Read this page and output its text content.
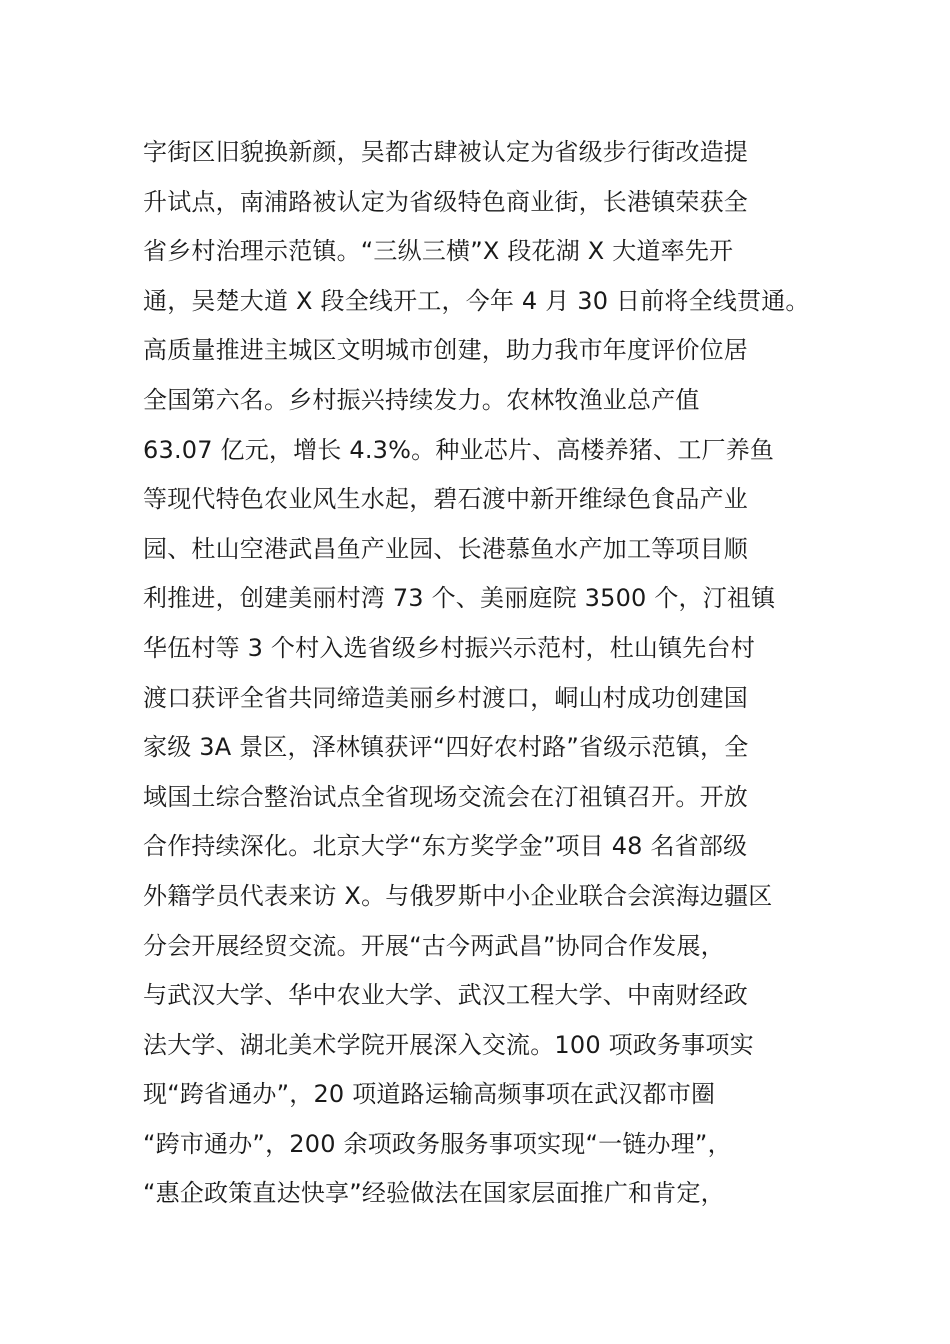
字街区旧貌换新颜，吴都古肆被认定为省级步行街改造提
升试点，南浦路被认定为省级特色商业街，长港镇荣获全
省乡村治理示范镇。“三纵三横”X 段花湖 X 大道率先开
通，吴楚大道 X 段全线开工，今年 4 月 30 日前将全线贯通。
高质量推进主城区文明城市创建，助力我市年度评价位居
全国第六名。乡村振兴持续发力。农林牧渔业总产值
63.07 亿元，增长 4.3%。种业芯片、高楼养猪、工厂养鱼
等现代特色农业风生水起，碧石渡中新开维绿色食品产业
园、杜山空港武昌鱼产业园、长港慕鱼水产加工等项目顺
利推进，创建美丽村湾 73 个、美丽庭院 3500 个，汀祖镇
华伍村等 3 个村入选省级乡村振兴示范村，杜山镇先台村
渡口获评全省共同缔造美丽乡村渡口，峒山村成功创建国
家级 3A 景区，泽林镇获评“四好农村路”省级示范镇，全
域国土综合整治试点全省现场交流会在汀祖镇召开。开放
合作持续深化。北京大学“东方奖学金”项目 48 名省部级
外籍学员代表来访 X。与俄罗斯中小企业联合会滨海边疆区
分会开展经贸交流。开展“古今两武昌”协同合作发展，
与武汉大学、华中农业大学、武汉工程大学、中南财经政
法大学、湖北美术学院开展深入交流。100 项政务事项实
现“跨省通办”，20 项道路运输高频事项在武汉都市圈
“跨市通办”，200 余项政务服务事项实现“一链办理”，
“惠企政策直达快享”经验做法在国家层面推广和肯定，
